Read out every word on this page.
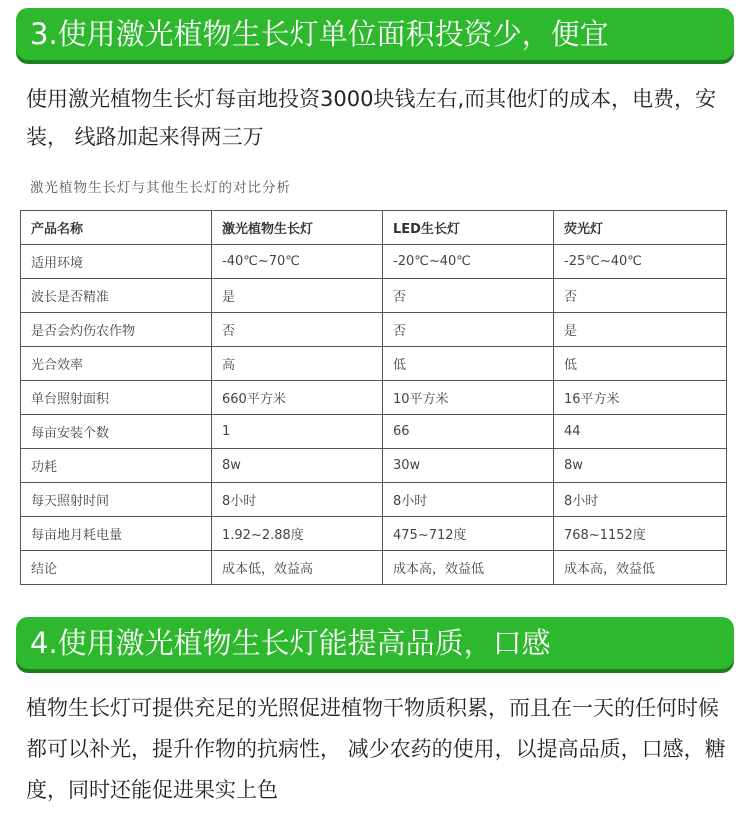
3.使用激光植物生长灯单位面积投资少，便宜
使用激光植物生长灯每亩地投资3000块钱左右,而其他灯的成本，电费，安装， 线路加起来得两三万
激光植物生长灯与其他生长灯的对比分析
产品名称	激光植物生长灯	LED生长灯	荧光灯
适用环境	-40℃~70℃	-20℃~40℃	-25℃~40℃
波长是否精准	是	否	否
是否会灼伤农作物	否	否	是
光合效率	高	低	低
单台照射面积	660平方米	10平方米	16平方米
每亩安装个数	1	66	44
功耗	8w	30w	8w
每天照射时间	8小时	8小时	8小时
每亩地月耗电量	1.92~2.88度	475~712度	768~1152度
结论	成本低，效益高	成本高，效益低	成本高，效益低
4.使用激光植物生长灯能提高品质，口感
植物生长灯可提供充足的光照促进植物干物质积累，而且在一天的任何时候都可以补光，提升作物的抗病性， 减少农药的使用，以提高品质，口感，糖度，同时还能促进果实上色
